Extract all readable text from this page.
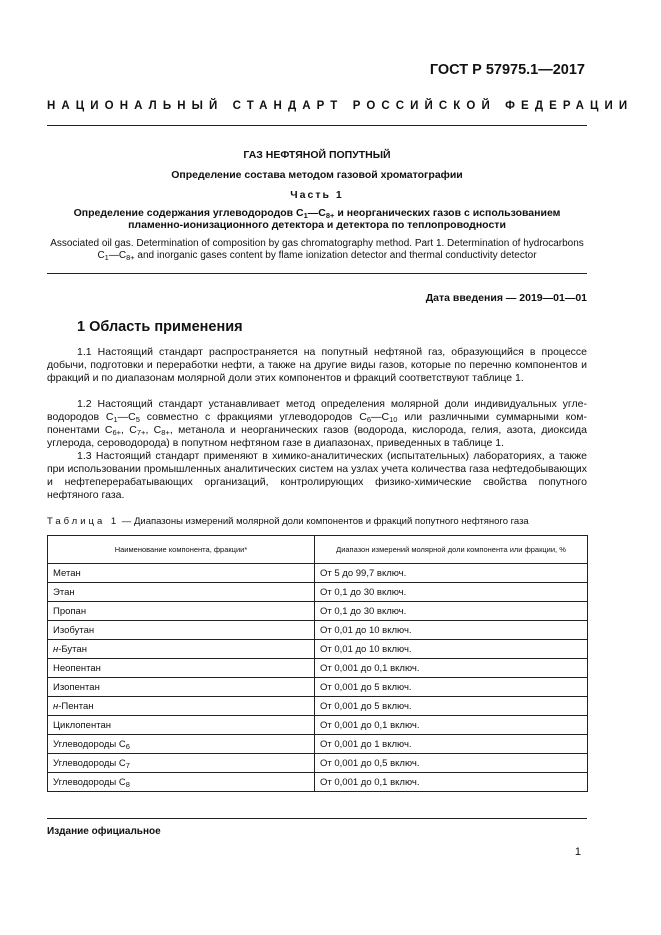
ГОСТ Р 57975.1—2017
НАЦИОНАЛЬНЫЙ СТАНДАРТ РОССИЙСКОЙ ФЕДЕРАЦИИ
ГАЗ НЕФТЯНОЙ ПОПУТНЫЙ
Определение состава методом газовой хроматографии
Часть 1
Определение содержания углеводородов $C_1—C_{8+}$ и неорганических газов с использованием пламенно-ионизационного детектора и детектора по теплопроводности
Associated oil gas. Determination of composition by gas chromatography method. Part 1. Determination of hydrocarbons $C_1—C_{8+}$ and inorganic gases content by flame ionization detector and thermal conductivity detector
Дата введения — 2019—01—01
1 Область применения
1.1 Настоящий стандарт распространяется на попутный нефтяной газ, образующийся в процессе добычи, подготовки и переработки нефти, а также на другие виды газов, которые по перечню компонентов и фракций и по диапазонам молярной доли этих компонентов и фракций соответствуют таблице 1.
1.2 Настоящий стандарт устанавливает метод определения молярной доли индивидуальных углеводородов $C_1—C_5$ совместно с фракциями углеводородов $C_6—C_{10}$ или различными суммарными компонентами $C_{6+}$, $C_{7+}$, $C_{8+}$, метанола и неорганических газов (водорода, кислорода, гелия, азота, диоксида углерода, сероводорода) в попутном нефтяном газе в диапазонах, приведенных в таблице 1.
1.3 Настоящий стандарт применяют в химико-аналитических (испытательных) лабораториях, а также при использовании промышленных аналитических систем на узлах учета количества газа нефтедобывающих и нефтеперерабатывающих организаций, контролирующих физико-химические свойства попутного нефтяного газа.
Таблица 1 — Диапазоны измерений молярной доли компонентов и фракций попутного нефтяного газа
Наименование компонента, фракции*	Диапазон измерений молярной доли компонента или фракции, %
Метан	От 5 до 99,7 включ.
Этан	От 0,1 до 30 включ.
Пропан	От 0,1 до 30 включ.
Изобутан	От 0,01 до 10 включ.
н-Бутан	От 0,01 до 10 включ.
Неопентан	От 0,001 до 0,1 включ.
Изопентан	От 0,001 до 5 включ.
н-Пентан	От 0,001 до 5 включ.
Циклопентан	От 0,001 до 0,1 включ.
Углеводороды $C_6$	От 0,001 до 1 включ.
Углеводороды $C_7$	От 0,001 до 0,5 включ.
Углеводороды $C_8$	От 0,001 до 0,1 включ.
Издание официальное
1
